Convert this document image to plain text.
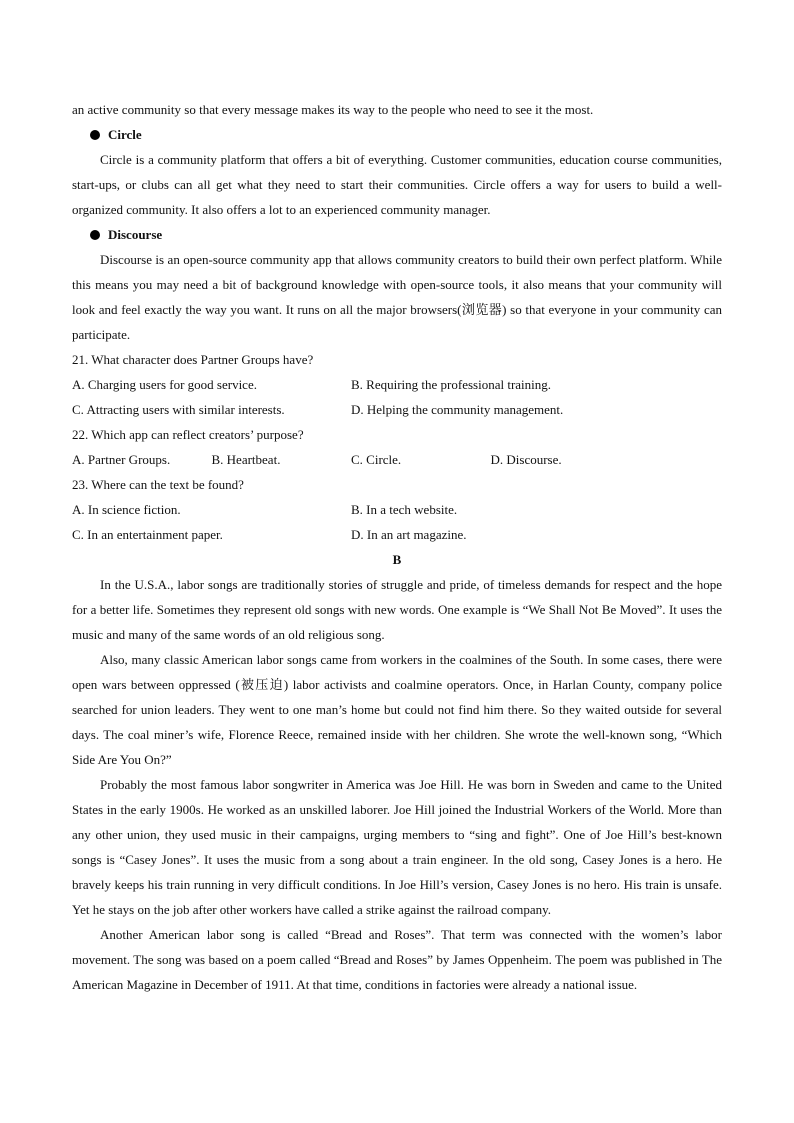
an active community so that every message makes its way to the people who need to see it the most.

Circle

Circle is a community platform that offers a bit of everything. Customer communities, education course communities, start-ups, or clubs can all get what they need to start their communities. Circle offers a way for users to build a well-organized community. It also offers a lot to an experienced community manager.

Discourse

Discourse is an open-source community app that allows community creators to build their own perfect platform. While this means you may need a bit of background knowledge with open-source tools, it also means that your community will look and feel exactly the way you want. It runs on all the major browsers(浏览器) so that everyone in your community can participate.

21. What character does Partner Groups have?

A. Charging users for good service.	B. Requiring the professional training.
C. Attracting users with similar interests.	D. Helping the community management.

22. Which app can reflect creators’ purpose?

A. Partner Groups.	B. Heartbeat.	C. Circle.	D. Discourse.

23. Where can the text be found?

A. In science fiction.	B. In a tech website.
C. In an entertainment paper.	D. In an art magazine.

B

In the U.S.A., labor songs are traditionally stories of struggle and pride, of timeless demands for respect and the hope for a better life. Sometimes they represent old songs with new words. One example is “We Shall Not Be Moved”. It uses the music and many of the same words of an old religious song.

Also, many classic American labor songs came from workers in the coalmines of the South. In some cases, there were open wars between oppressed (被压迫) labor activists and coalmine operators. Once, in Harlan County, company police searched for union leaders. They went to one man’s home but could not find him there. So they waited outside for several days. The coal miner’s wife, Florence Reece, remained inside with her children. She wrote the well-known song, “Which Side Are You On?”

Probably the most famous labor songwriter in America was Joe Hill. He was born in Sweden and came to the United States in the early 1900s. He worked as an unskilled laborer. Joe Hill joined the Industrial Workers of the World. More than any other union, they used music in their campaigns, urging members to “sing and fight”. One of Joe Hill’s best-known songs is “Casey Jones”. It uses the music from a song about a train engineer. In the old song, Casey Jones is a hero. He bravely keeps his train running in very difficult conditions. In Joe Hill’s version, Casey Jones is no hero. His train is unsafe. Yet he stays on the job after other workers have called a strike against the railroad company.

Another American labor song is called “Bread and Roses”. That term was connected with the women’s labor movement. The song was based on a poem called “Bread and Roses” by James Oppenheim. The poem was published in The American Magazine in December of 1911. At that time, conditions in factories were already a national issue.
